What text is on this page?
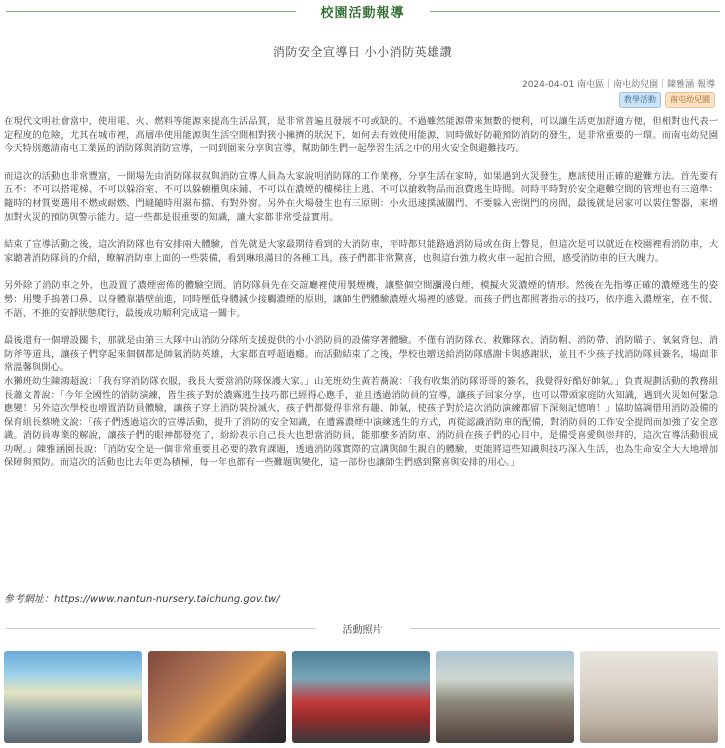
校園活動報導
消防安全宣導日 小小消防英雄讚
2024-04-01 南屯區｜南屯幼兒園｜陳雅涵 報導
教學活動	南屯幼兒園

在現代文明社會當中，使用電、火、燃料等能源來提高生活品質，是非常普遍且發展不可或缺的。不過雖然能源帶來無數的便利，可以讓生活更加舒適方便，但相對也代表一定程度的危險，尤其在城市裡，高層串使用能源與生活空間相對狹小擁擠的狀況下，如何去有效使用能源，同時做好防範預防消防的發生，是非常重要的一環。而南屯幼兒園今天特別邀請南屯工業區的消防隊與消防宣導，一同到園來分享與宣導，幫助師生們一起學習生活之中的用火安全與避難技巧。

而這次的活動也非常豐富，一開場先由消防隊叔叔與消防宣導人員為大家說明消防隊的工作業務，分享生活在家時，如果遇到火災發生，應該使用正確的避難方法。首先要有五不：不可以搭電梯、不可以躲浴室、不可以躲櫥櫃與床鋪、不可以在濃煙的樓梯往上逃、不可以搶救物品而浪費逃生時間。同時平時對於安全避難空間的管理也有三道準：隨時的材質要選用不燃或耐燃、門縫隨時用濕布擋、有對外窗。另外在火場發生也有三原則：小火迅速撲滅關門、不要躲入密閉門的房間，最後就是居家可以裝住警器，來增加對火災的預防與警示能力。這一些都是很重要的知識，讓大家都非常受益實用。

結束了宣導活動之後，這次消防隊也有安排兩大體驗，首先就是大家最期待看到的大消防車，平時都只能路過消防局或在街上瞥見，但這次是可以就近在校園裡看消防車，大家聽著消防隊員的介紹，瞭解消防車上面的一些裝備，看到琳琅滿目的各種工具，孩子們都非常驚喜，也與這台強力救火車一起拍合照，感受消防車的巨大魄力。

另外除了消防車之外，也設置了濃煙密佈的體驗空間。消防隊員先在交誼廳裡使用製煙機，讓整個空間瀰漫白煙，模擬火災濃煙的情形。然後在先指導正確的濃煙逃生的姿勢：用雙手摀著口鼻、以身體靠牆壁前進，同時壓低身體減少接觸濃煙的原則，讓師生們體驗濃煙火場裡的感覺。而孩子們也都照著指示的技巧，依序進入濃煙室，在不慌、不語、不推的安靜狀態爬行，最後成功順利完成這一關卡。

最後還有一個增設關卡，那就是由第三大隊中山消防分隊所支援提供的小小消防員的設備穿著體驗。不僅有消防隊衣、救難隊衣、消防帽、消防帶、消防瞄子、氧氣背包、消防斧等道具，讓孩子們穿起來個個都是帥氣消防英雄，大家都直呼超過癮。而活動結束了之後，學校也贈送給消防隊感謝卡與感謝狀，並且不少孩子找消防隊員簽名，場面非常溫馨與開心。
水獺班幼生陳鴻超說：「我有穿消防隊衣服，我長大要當消防隊保護大家。」山羌班幼生黃若蕎說：「我有收集消防隊哥哥的簽名，我覺得好酷好帥氣。」負責規劃活動的教務組長蕭文菁說：「今年全國性的消防演練，皆生孩子對於濃霧逃生技巧都已經得心應手，並且透過消防員的宣導，讓孩子回家分享，也可以帶頭家庭防火知識，遇到火災如何緊急應變！另外這次學校也增置消防員體驗，讓孩子穿上消防裝扮滅火，孩子們都覺得非常有趣、帥氣，使孩子對於這次消防演練都留下深刻記憶唷！」協助協調借用消防設備的保育組長蔡曉文說：「孩子們透過這次的宣導活動，提升了消防的安全知識，在遭霧濃煙中演練逃生的方式，再從認識消防車的配備，對消防員的工作安全提問而加強了安全意識。消防員專業的解說，讓孩子們的眼神都發亮了，紛紛表示自己長大也想當消防員，能那麼多消防車、消防員在孩子們的心目中，是備受喜愛與崇拜的，這次宣導活動很成功喔。」陳雅涵園長說：「消防安全是一個非常重要且必要的教育課題，透過消防隊實際的宣講與師生親自的體驗，更能將這些知識與技巧深入生活，也為生命安全大大地增加保障與預防。而這次的活動也比去年更為積極，每一年也都有一些難題與變化，這一部份也讓師生們感到驚喜與安排的用心。」

參考網址：https://www.nantun-nursery.taichung.gov.tw/
活動照片
